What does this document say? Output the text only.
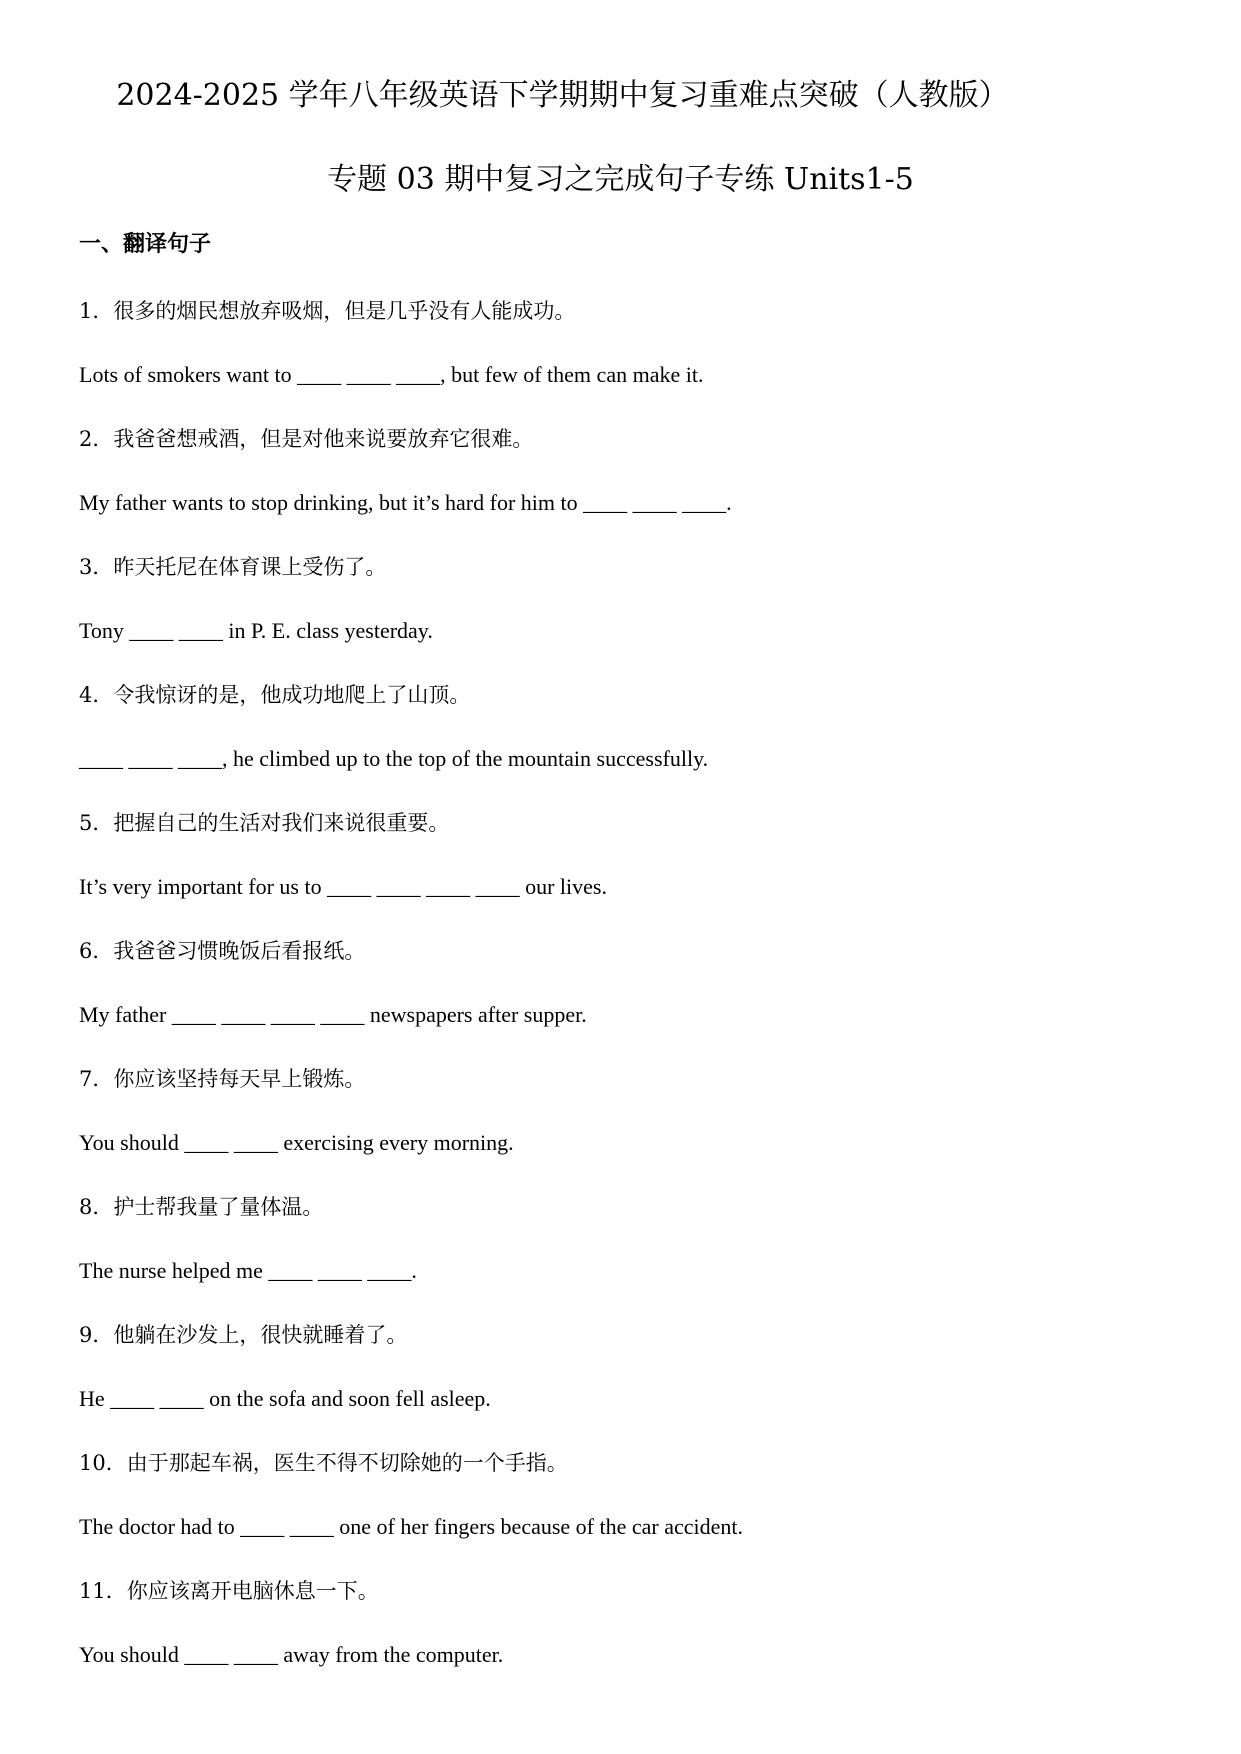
2024-2025 学年八年级英语下学期期中复习重难点突破（人教版）
专题 03 期中复习之完成句子专练 Units1-5
一、翻译句子
1．很多的烟民想放弃吸烟，但是几乎没有人能成功。
Lots of smokers want to ____ ____ ____, but few of them can make it.
2．我爸爸想戒酒，但是对他来说要放弃它很难。
My father wants to stop drinking, but it’s hard for him to ____ ____ ____.
3．昨天托尼在体育课上受伤了。
Tony ____ ____ in P. E. class yesterday.
4．令我惊讶的是，他成功地爬上了山顶。
____ ____ ____, he climbed up to the top of the mountain successfully.
5．把握自己的生活对我们来说很重要。
It’s very important for us to ____ ____ ____ ____ our lives.
6．我爸爸习惯晚饭后看报纸。
My father ____ ____ ____ ____ newspapers after supper.
7．你应该坚持每天早上锻炼。
You should ____ ____ exercising every morning.
8．护士帮我量了量体温。
The nurse helped me ____ ____ ____.
9．他躺在沙发上，很快就睡着了。
He ____ ____ on the sofa and soon fell asleep.
10．由于那起车祸，医生不得不切除她的一个手指。
The doctor had to ____ ____ one of her fingers because of the car accident.
11．你应该离开电脑休息一下。
You should ____ ____ away from the computer.
